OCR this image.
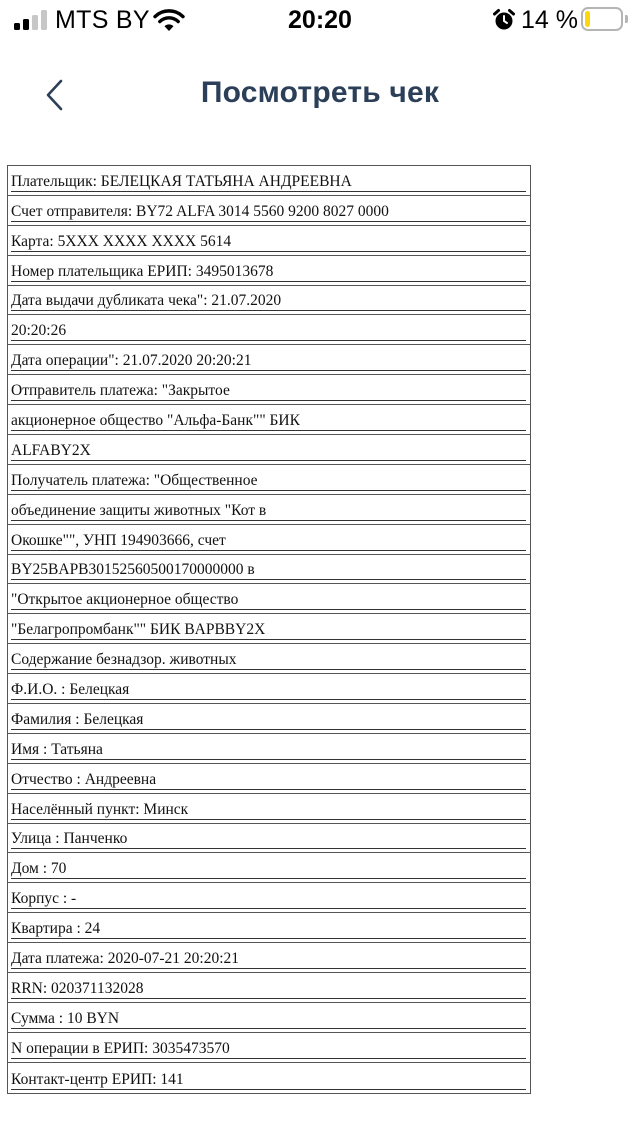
MTS BY	20:20	14 %
Посмотреть чек
Плательщик: БЕЛЕЦКАЯ ТАТЬЯНА АНДРЕЕВНА
Счет отправителя: BY72 ALFA 3014 5560 9200 8027 0000
Карта: 5XXX XXXX XXXX 5614
Номер плательщика ЕРИП: 3495013678
Дата выдачи дубликата чека": 21.07.2020
20:20:26
Дата операции": 21.07.2020 20:20:21
Отправитель платежа: "Закрытое
акционерное общество "Альфа-Банк"" БИК
ALFABY2X
Получатель платежа: "Общественное
объединение защиты животных "Кот в
Окошке"", УНП 194903666, счет
BY25BAPB30152560500170000000 в
"Открытое акционерное общество
"Белагропромбанк"" БИК BAPBBY2X
Содержание безнадзор. животных
Ф.И.О. : Белецкая
Фамилия : Белецкая
Имя : Татьяна
Отчество : Андреевна
Населённый пункт: Минск
Улица : Панченко
Дом : 70
Корпус : -
Квартира : 24
Дата платежа: 2020-07-21 20:20:21
RRN: 020371132028
Сумма : 10 BYN
N операции в ЕРИП: 3035473570
Контакт-центр ЕРИП: 141
